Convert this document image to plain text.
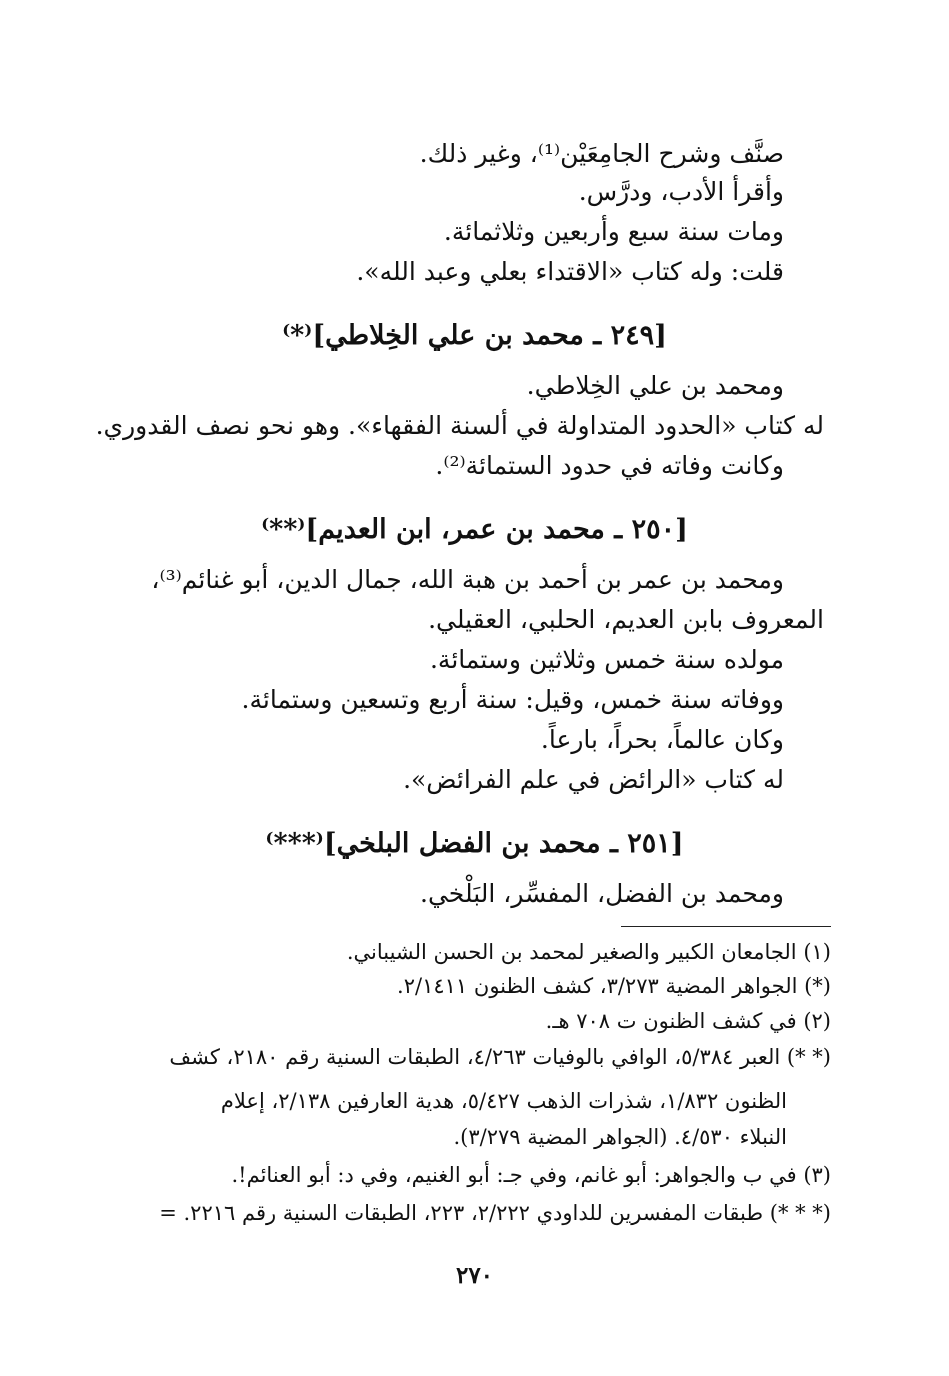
صنَّف وشرح الجامِعَيْن⁽¹⁾، وغير ذلك.
وأقرأ الأدب، ودرَّس.
ومات سنة سبع وأربعين وثلاثمائة.
قلت: وله كتاب «الاقتداء بعلي وعبد الله».
[٢٤٩ ـ محمد بن علي الخِلاطي]⁽*⁾
ومحمد بن علي الخِلاطي.
له كتاب «الحدود المتداولة في ألسنة الفقهاء». وهو نحو نصف القدوري.
وكانت وفاته في حدود الستمائة⁽²⁾.
[٢٥٠ ـ محمد بن عمر، ابن العديم]⁽**⁾
ومحمد بن عمر بن أحمد بن هبة الله، جمال الدين، أبو غنائم⁽³⁾،
المعروف بابن العديم، الحلبي، العقيلي.
مولده سنة خمس وثلاثين وستمائة.
ووفاته سنة خمس، وقيل: سنة أربع وتسعين وستمائة.
وكان عالماً، بحراً، بارعاً.
له كتاب «الرائض في علم الفرائض».
[٢٥١ ـ محمد بن الفضل البلخي]⁽***⁾
ومحمد بن الفضل، المفسِّر، البَلْخي.
(١) الجامعان الكبير والصغير لمحمد بن الحسن الشيباني.
(*) الجواهر المضية ٣/٢٧٣، كشف الظنون ٢/١٤١١.
(٢) في كشف الظنون ت ٧٠٨ هـ.
(* *) العبر ٥/٣٨٤، الوافي بالوفيات ٤/٢٦٣، الطبقات السنية رقم ٢١٨٠، كشف
الظنون ١/٨٣٢، شذرات الذهب ٥/٤٢٧، هدية العارفين ٢/١٣٨، إعلام
النبلاء ٤/٥٣٠. (الجواهر المضية ٣/٢٧٩).
(٣) في ب والجواهر: أبو غانم، وفي جـ: أبو الغنيم، وفي د: أبو العنائم!.
(* * *) طبقات المفسرين للداودي ٢/٢٢٢، ٢٢٣، الطبقات السنية رقم ٢٢١٦. =
٢٧٠
